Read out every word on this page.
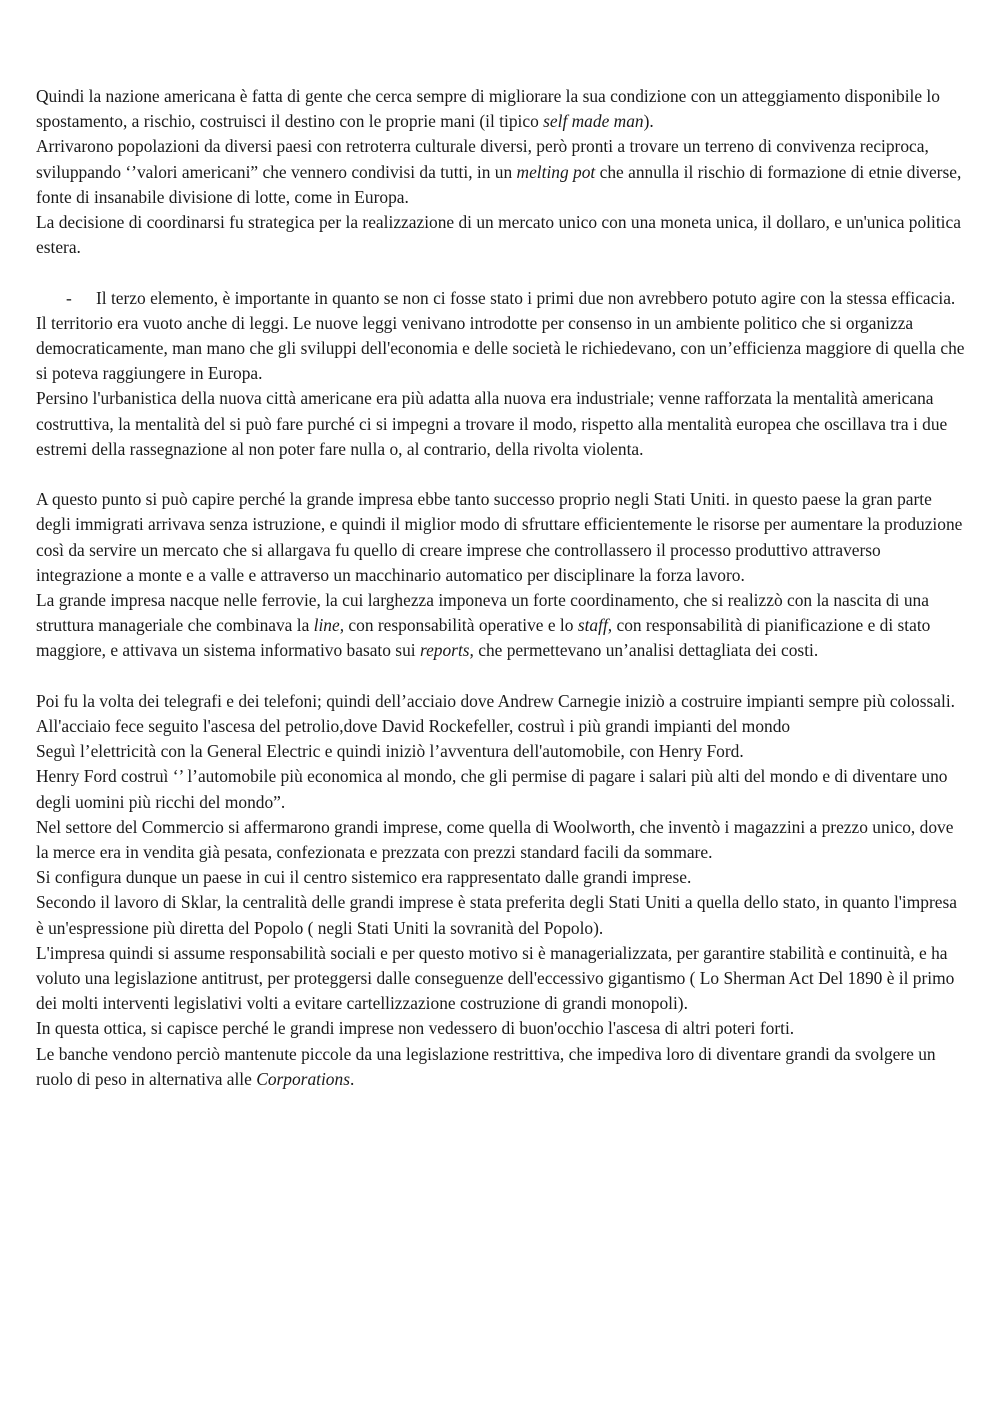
Quindi la nazione americana è fatta di gente che cerca sempre di migliorare la sua condizione con un atteggiamento disponibile lo spostamento, a rischio, costruisci il destino con le proprie mani (il tipico self made man).

Arrivarono popolazioni da diversi paesi con retroterra culturale diversi, però pronti a trovare un terreno di convivenza reciproca, sviluppando ‘’valori americani” che vennero condivisi da tutti, in un melting pot che annulla il rischio di formazione di etnie diverse, fonte di insanabile divisione di lotte, come in Europa.

La decisione di coordinarsi fu strategica per la realizzazione di un mercato unico con una moneta unica, il dollaro, e un'unica politica estera.

-	Il terzo elemento, è importante in quanto se non ci fosse stato i primi due non avrebbero potuto agire con la stessa efficacia.

Il territorio era vuoto anche di leggi. Le nuove leggi venivano introdotte per consenso in un ambiente politico che si organizza democraticamente, man mano che gli sviluppi dell'economia e delle società le richiedevano, con un’efficienza maggiore di quella che si poteva raggiungere in Europa.

Persino l'urbanistica della nuova città americane era più adatta alla nuova era industriale; venne rafforzata la mentalità americana costruttiva, la mentalità del si può fare purché ci si impegni a trovare il modo, rispetto alla mentalità europea che oscillava tra i due estremi della rassegnazione al non poter fare nulla o, al contrario, della rivolta violenta.

A questo punto si può capire perché la grande impresa ebbe tanto successo proprio negli Stati Uniti. in questo paese la gran parte degli immigrati arrivava senza istruzione, e quindi il miglior modo di sfruttare efficientemente le risorse per aumentare la produzione così da servire un mercato che si allargava fu quello di creare imprese che controllassero il processo produttivo attraverso integrazione a monte e a valle e attraverso un macchinario automatico per disciplinare la forza lavoro.

La grande impresa nacque nelle ferrovie, la cui larghezza imponeva un forte coordinamento, che si realizzò con la nascita di una struttura manageriale che combinava la line, con responsabilità operative e lo staff, con responsabilità di pianificazione e di stato maggiore, e attivava un sistema informativo basato sui reports, che permettevano un’analisi dettagliata dei costi.

Poi fu la volta dei telegrafi e dei telefoni; quindi dell’acciaio dove Andrew Carnegie iniziò a costruire impianti sempre più colossali.

All'acciaio fece seguito l'ascesa del petrolio,dove David Rockefeller, costruì i più grandi impianti del mondo

Seguì l’elettricità con la General Electric e quindi iniziò l’avventura dell'automobile, con Henry Ford.

Henry Ford costruì ‘’ l’automobile più economica al mondo, che gli permise di pagare i salari più alti del mondo e di diventare uno degli uomini più ricchi del mondo”.

Nel settore del Commercio si affermarono grandi imprese, come quella di Woolworth, che inventò i magazzini a prezzo unico, dove la merce era in vendita già pesata, confezionata e prezzata con prezzi standard facili da sommare.

Si configura dunque un paese in cui il centro sistemico era rappresentato dalle grandi imprese.

Secondo il lavoro di Sklar, la centralità delle grandi imprese è stata preferita degli Stati Uniti a quella dello stato, in quanto l'impresa è un'espressione più diretta del Popolo ( negli Stati Uniti la sovranità del Popolo).

L'impresa quindi si assume responsabilità sociali e per questo motivo si è managerializzata, per garantire stabilità e continuità, e ha voluto una legislazione antitrust, per proteggersi dalle conseguenze dell'eccessivo gigantismo ( Lo Sherman Act Del 1890 è il primo dei molti interventi legislativi volti a evitare cartellizzazione costruzione di grandi monopoli).

In questa ottica, si capisce perché le grandi imprese non vedessero di buon'occhio l'ascesa di altri poteri forti.

Le banche vendono perciò mantenute piccole da una legislazione restrittiva, che impediva loro di diventare grandi da svolgere un ruolo di peso in alternativa alle Corporations.
